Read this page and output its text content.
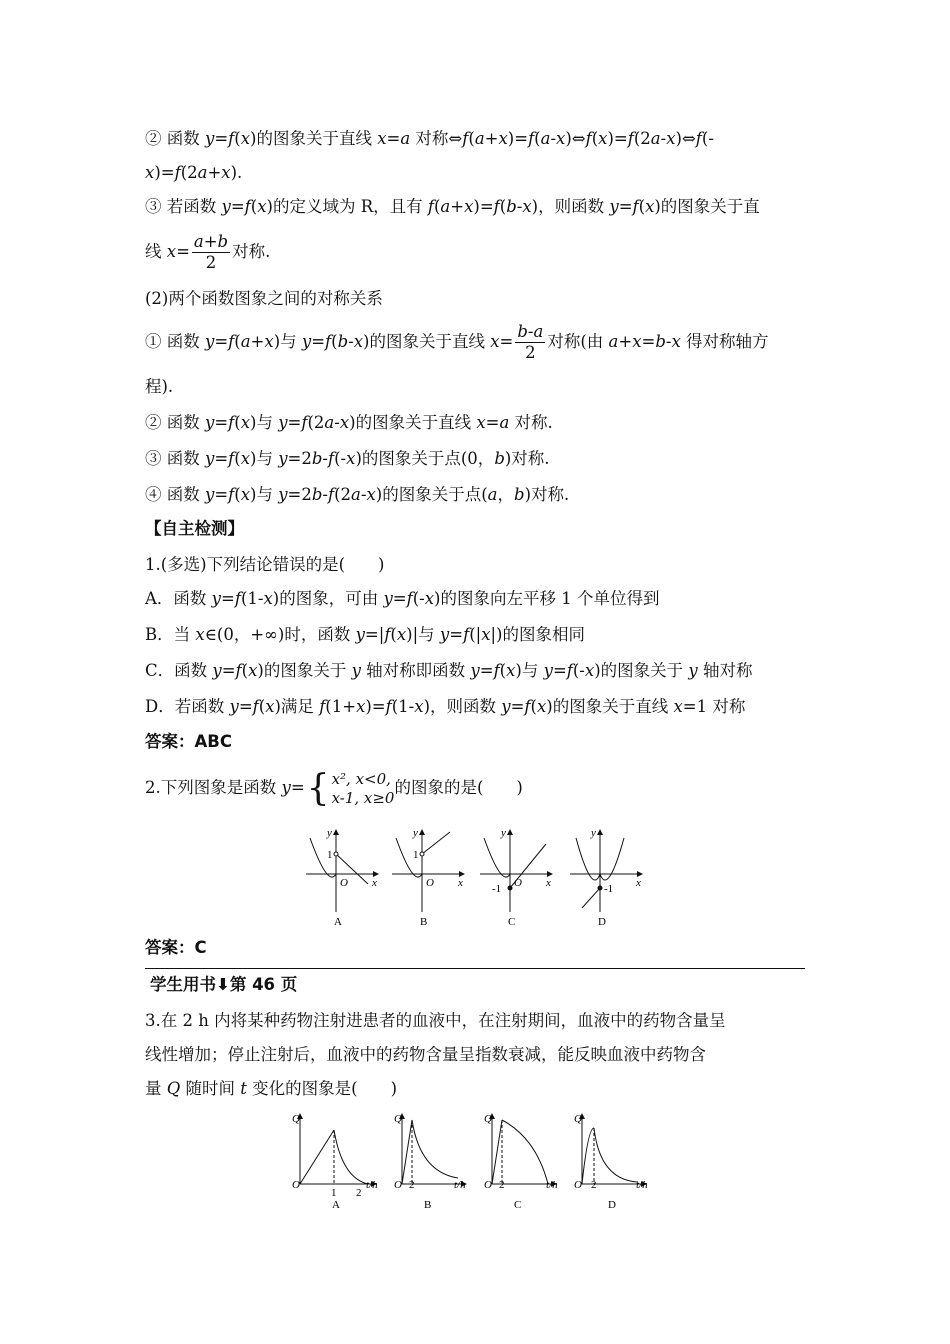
② 函数 y=f(x)的图象关于直线 x=a 对称⇔f(a+x)=f(a-x)⇔f(x)=f(2a-x)⇔f(-
x)=f(2a+x).
③ 若函数 y=f(x)的定义域为 R，且有 f(a+x)=f(b-x)，则函数 y=f(x)的图象关于直
线 $x= \frac{a+b}{2}$ 对称.
(2)两个函数图象之间的对称关系
① 函数 y=f(a+x)与 y=f(b-x)的图象关于直线 $x= \frac{b-a}{2}$ 对称(由 a+x=b-x 得对称轴方
程).
② 函数 y=f(x)与 y=f(2a-x)的图象关于直线 x=a 对称.
③ 函数 y=f(x)与 y=2b-f(-x)的图象关于点(0，b)对称.
④ 函数 y=f(x)与 y=2b-f(2a-x)的图象关于点(a，b)对称.
【自主检测】
1.(多选)下列结论错误的是(　　)
A．函数 y=f(1-x)的图象，可由 y=f(-x)的图象向左平移 1 个单位得到
B．当 x∈(0，+∞)时，函数 y=|f(x)|与 y=f(|x|)的图象相同
C．函数 y=f(x)的图象关于 y 轴对称即函数 y=f(x)与 y=f(-x)的图象关于 y 轴对称
D．若函数 y=f(x)满足 f(1+x)=f(1-x)，则函数 y=f(x)的图象关于直线 x=1 对称
答案：ABC
2.下列图象是函数 y={ x², x<0,
x-1, x≥0
的图象的是(　　)
y
x
O
1
A
y
x
O
1
B
y
x
O
-1
C
y
x
-1
D
答案：C
学生用书⬇第 46 页
3.在 2 h 内将某种药物注射进患者的血液中，在注射期间，血液中的药物含量呈
线性增加；停止注射后，血液中的药物含量呈指数衰减，能反映血液中药物含
量 Q 随时间 t 变化的图象是(　　)
Q
O
1 2
t/h
A
Q
O 2	t/h
B
Q
O 2	t/h
C
Q
O 2	t/h
D
